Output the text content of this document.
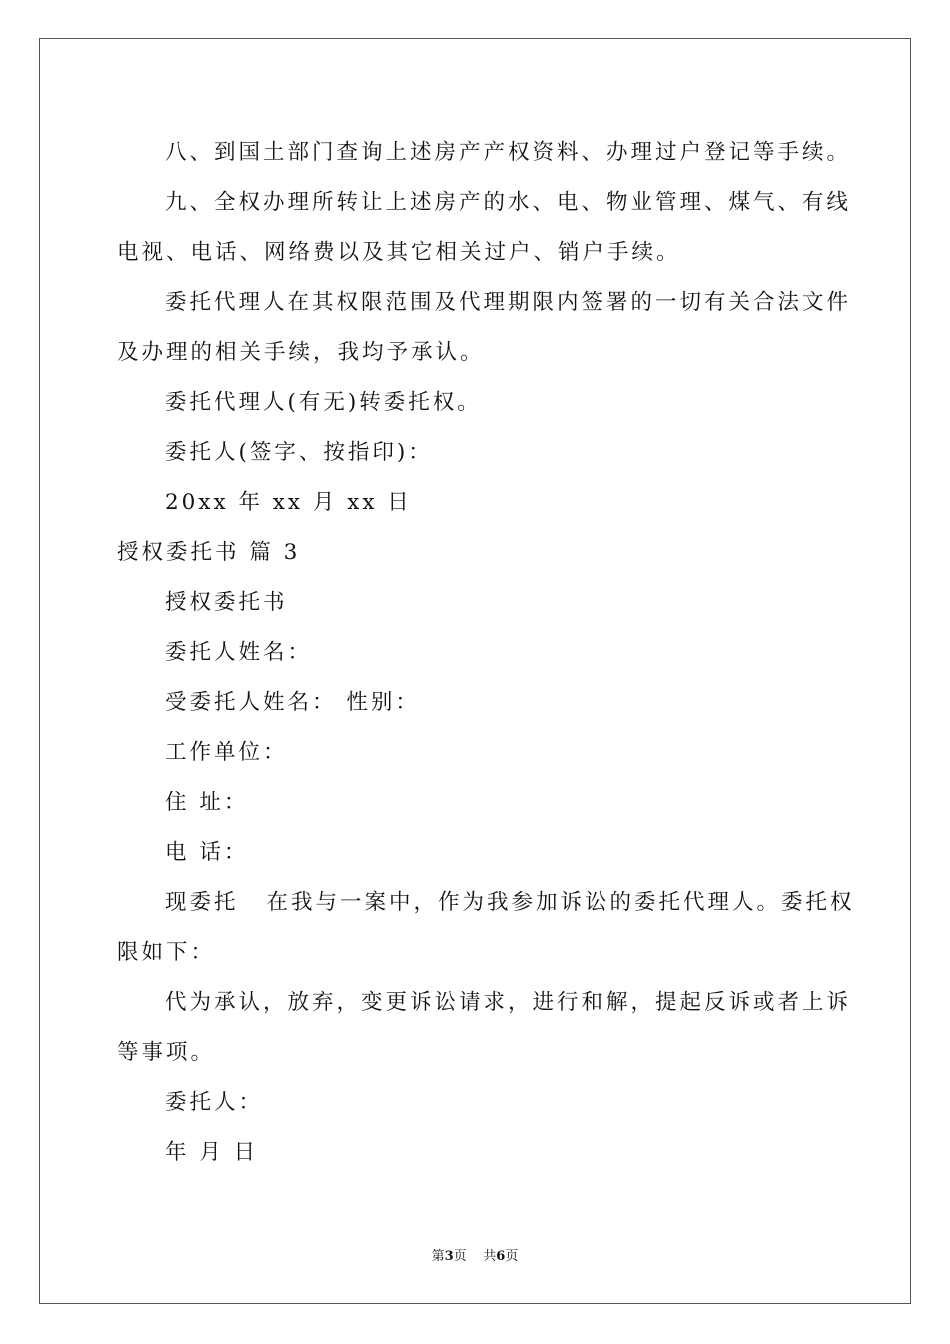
八、到国土部门查询上述房产产权资料、办理过户登记等手续。

九、全权办理所转让上述房产的水、电、物业管理、煤气、有线

电视、电话、网络费以及其它相关过户、销户手续。

委托代理人在其权限范围及代理期限内签署的一切有关合法文件

及办理的相关手续，我均予承认。

委托代理人(有无)转委托权。

委托人(签字、按指印)：

20xx 年 xx 月 xx 日

授权委托书 篇 3

授权委托书

委托人姓名：

受委托人姓名： 性别：

工作单位：

住 址：

电 话：

现委托 在我与一案中，作为我参加诉讼的委托代理人。委托权

限如下：

代为承认，放弃，变更诉讼请求，进行和解，提起反诉或者上诉

等事项。

委托人：

年 月 日

第3页 共6页
